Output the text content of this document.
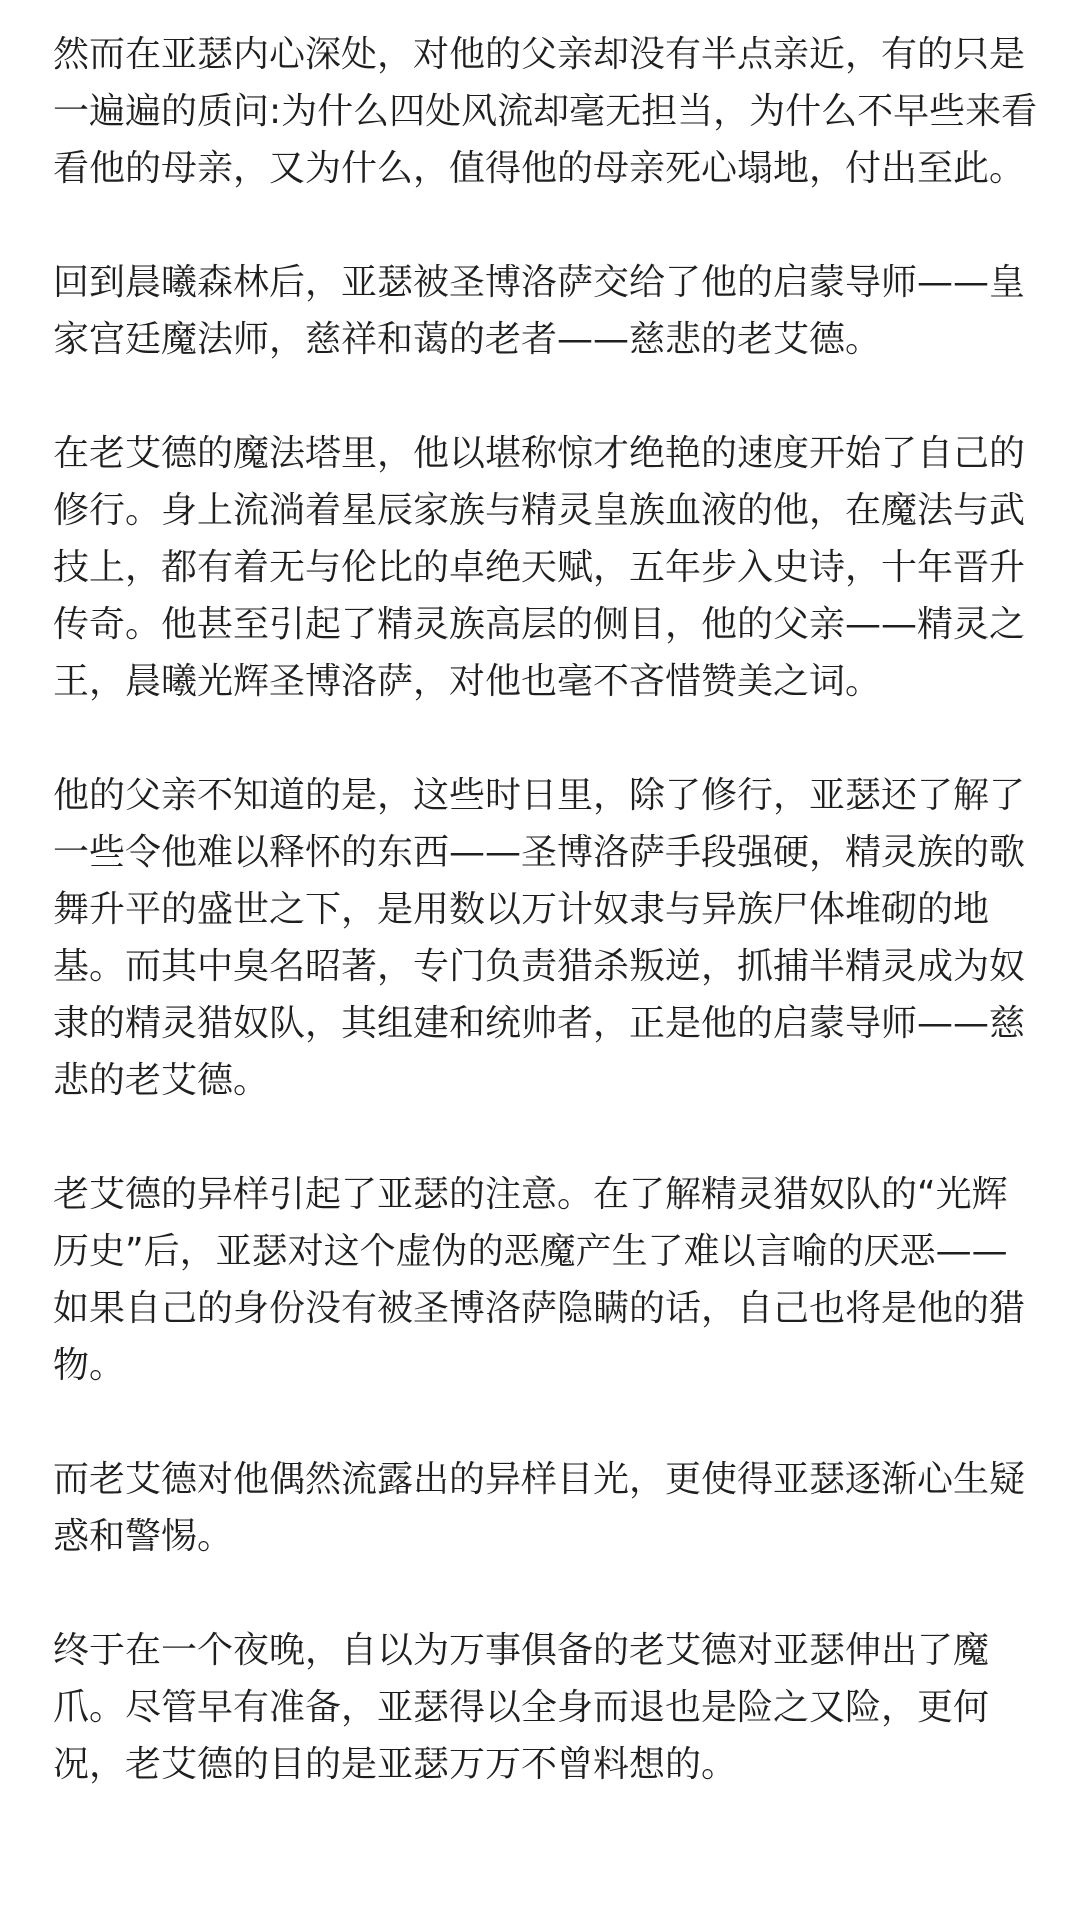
然而在亚瑟内心深处，对他的父亲却没有半点亲近，有的只是一遍遍的质问:为什么四处风流却毫无担当，为什么不早些来看看他的母亲，又为什么，值得他的母亲死心塌地，付出至此。

回到晨曦森林后，亚瑟被圣博洛萨交给了他的启蒙导师——皇家宫廷魔法师，慈祥和蔼的老者——慈悲的老艾德。

在老艾德的魔法塔里，他以堪称惊才绝艳的速度开始了自己的修行。身上流淌着星辰家族与精灵皇族血液的他，在魔法与武技上，都有着无与伦比的卓绝天赋，五年步入史诗，十年晋升传奇。他甚至引起了精灵族高层的侧目，他的父亲——精灵之王，晨曦光辉圣博洛萨，对他也毫不吝惜赞美之词。

他的父亲不知道的是，这些时日里，除了修行，亚瑟还了解了一些令他难以释怀的东西——圣博洛萨手段强硬，精灵族的歌舞升平的盛世之下，是用数以万计奴隶与异族尸体堆砌的地基。而其中臭名昭著，专门负责猎杀叛逆，抓捕半精灵成为奴隶的精灵猎奴队，其组建和统帅者，正是他的启蒙导师——慈悲的老艾德。

老艾德的异样引起了亚瑟的注意。在了解精灵猎奴队的“光辉历史”后，亚瑟对这个虚伪的恶魔产生了难以言喻的厌恶——如果自己的身份没有被圣博洛萨隐瞒的话，自己也将是他的猎物。

而老艾德对他偶然流露出的异样目光，更使得亚瑟逐渐心生疑惑和警惕。

终于在一个夜晚，自以为万事俱备的老艾德对亚瑟伸出了魔爪。尽管早有准备，亚瑟得以全身而退也是险之又险，更何况，老艾德的目的是亚瑟万万不曾料想的。
